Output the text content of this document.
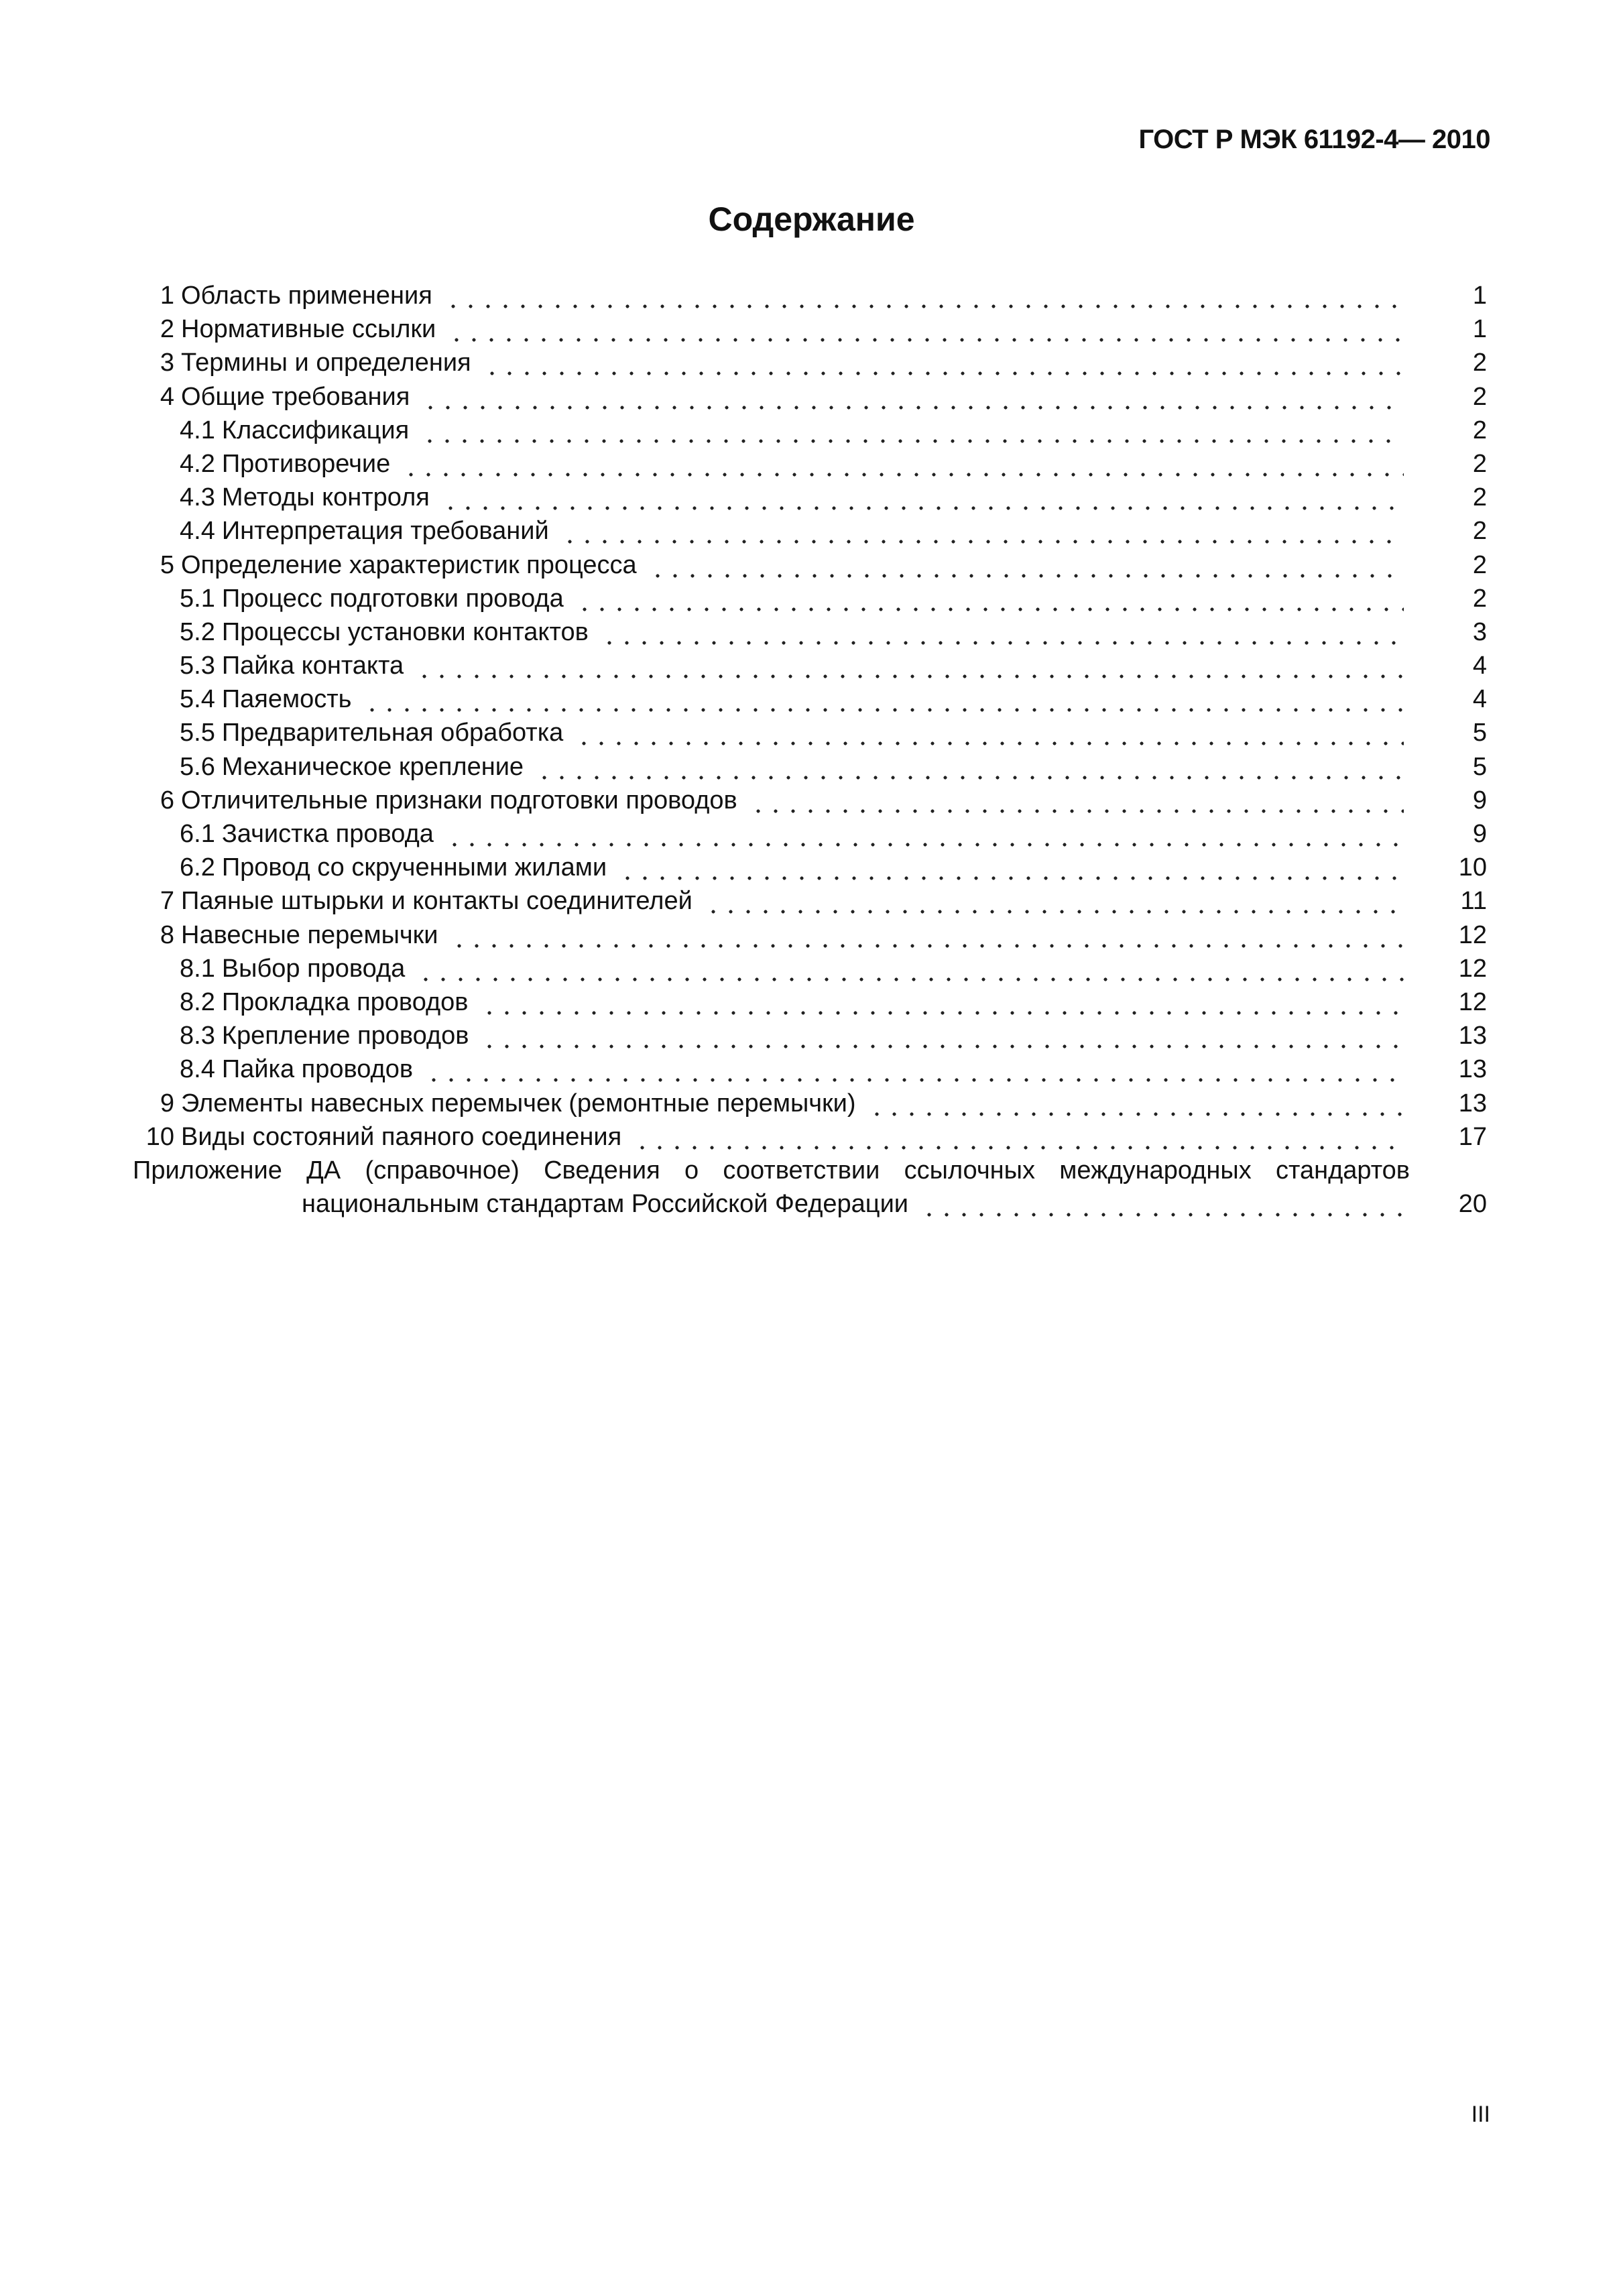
ГОСТ Р МЭК 61192-4— 2010
Содержание
1 Область применения	1
2 Нормативные ссылки	1
3 Термины и определения	2
4 Общие требования	2
4.1 Классификация	2
4.2 Противоречие	2
4.3 Методы контроля	2
4.4 Интерпретация требований	2
5 Определение характеристик процесса	2
5.1 Процесс подготовки провода	2
5.2 Процессы установки контактов	3
5.3 Пайка контакта	4
5.4 Паяемость	4
5.5 Предварительная обработка	5
5.6 Механическое крепление	5
6 Отличительные признаки подготовки проводов	9
6.1 Зачистка провода	9
6.2 Провод со скрученными жилами	10
7 Паяные штырьки и контакты соединителей	11
8 Навесные перемычки	12
8.1 Выбор провода	12
8.2 Прокладка проводов	12
8.3 Крепление проводов	13
8.4 Пайка проводов	13
9 Элементы навесных перемычек (ремонтные перемычки)	13
10 Виды состояний паяного соединения	17
Приложение ДА (справочное) Сведения о соответствии ссылочных международных стандартов
национальным стандартам Российской Федерации	20
III
